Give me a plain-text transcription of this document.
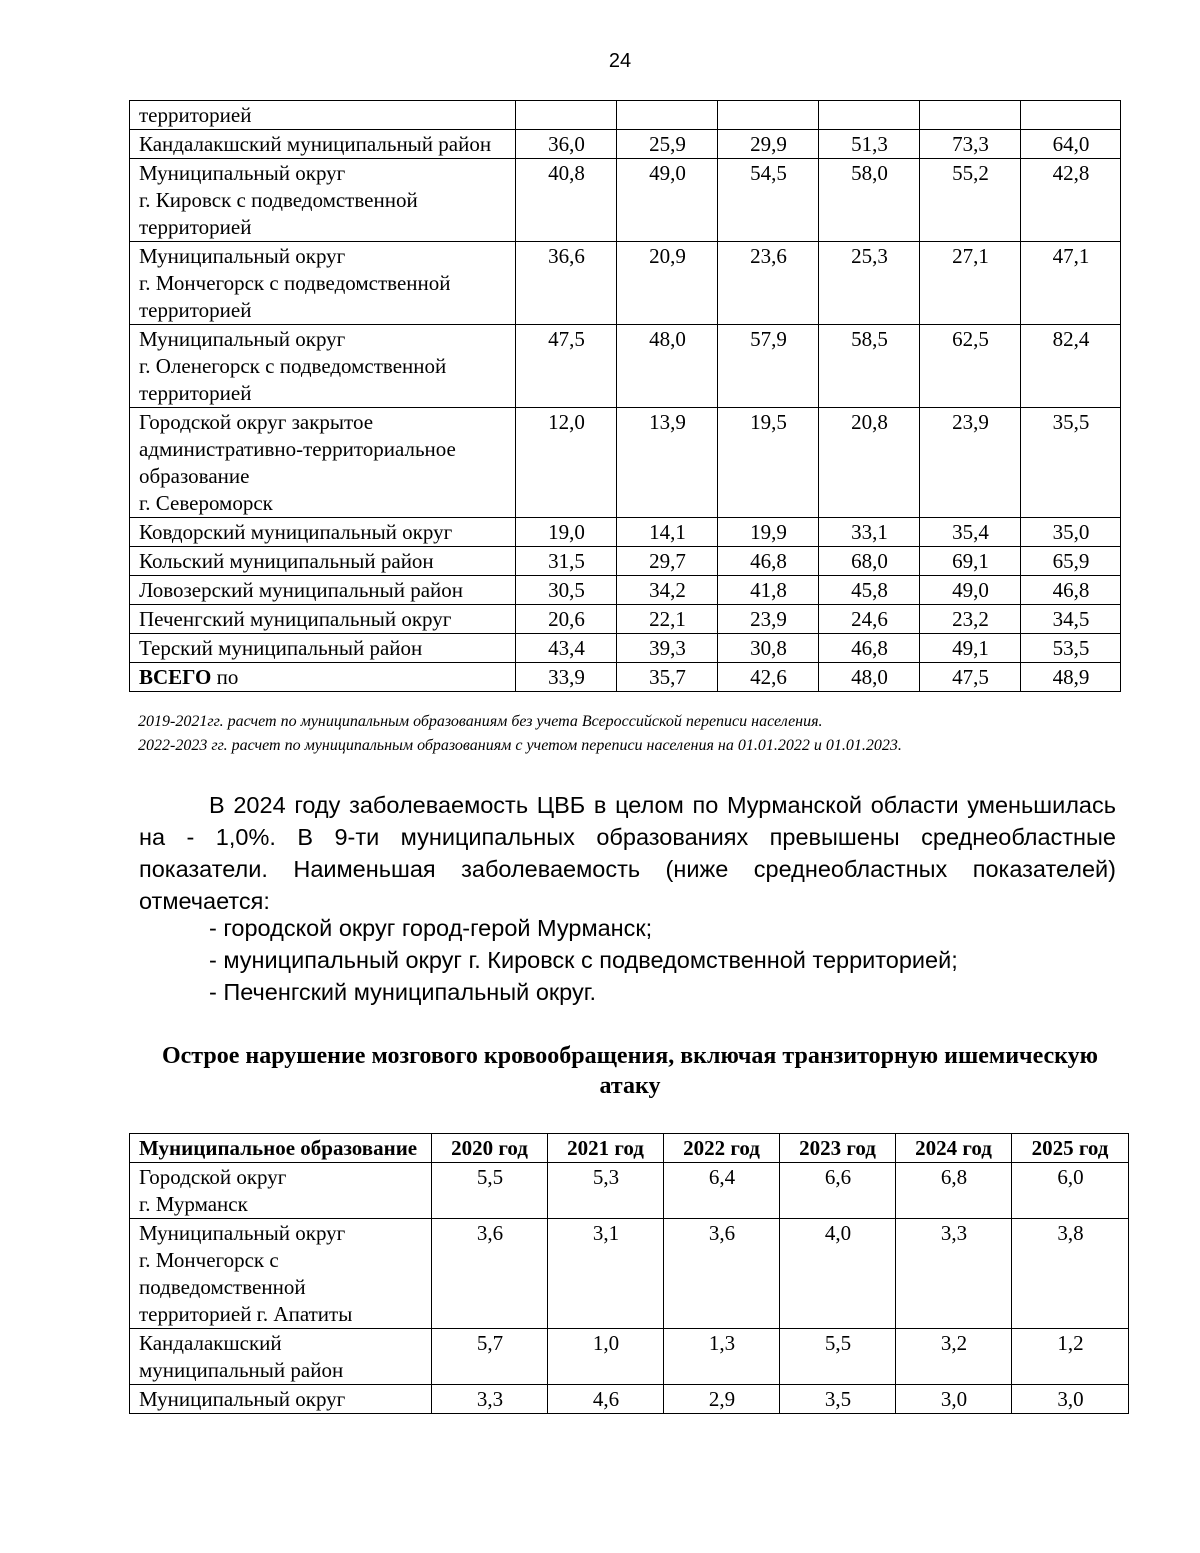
24
территорией						
Кандалакшский муниципальный район	36,0	25,9	29,9	51,3	73,3	64,0
Муниципальный округ
г. Кировск с подведомственной территорией	40,8	49,0	54,5	58,0	55,2	42,8
Муниципальный округ
г. Мончегорск с подведомственной территорией	36,6	20,9	23,6	25,3	27,1	47,1
Муниципальный округ
г. Оленегорск с подведомственной территорией	47,5	48,0	57,9	58,5	62,5	82,4
Городской округ закрытое административно-территориальное образование
г. Североморск	12,0	13,9	19,5	20,8	23,9	35,5
Ковдорский муниципальный округ	19,0	14,1	19,9	33,1	35,4	35,0
Кольский муниципальный район	31,5	29,7	46,8	68,0	69,1	65,9
Ловозерский муниципальный район	30,5	34,2	41,8	45,8	49,0	46,8
Печенгский муниципальный округ	20,6	22,1	23,9	24,6	23,2	34,5
Терский муниципальный район	43,4	39,3	30,8	46,8	49,1	53,5
ВСЕГО по	33,9	35,7	42,6	48,0	47,5	48,9
2019-2021гг. расчет по муниципальным образованиям без учета Всероссийской переписи населения.
2022-2023 гг. расчет по муниципальным образованиям с учетом переписи населения на 01.01.2022 и 01.01.2023.

В 2024 году заболеваемость ЦВБ в целом по Мурманской области уменьшилась на - 1,0%. В 9-ти муниципальных образованиях превышены среднеобластные показатели. Наименьшая заболеваемость (ниже среднеобластных показателей) отмечается:

- городской округ город-герой Мурманск;
- муниципальный округ г. Кировск с подведомственной территорией;
- Печенгский муниципальный округ.
Острое нарушение мозгового кровообращения, включая транзиторную ишемическую атаку
Муниципальное образование	2020 год	2021 год	2022 год	2023 год	2024 год	2025 год
Городской округ
г. Мурманск	5,5	5,3	6,4	6,6	6,8	6,0
Муниципальный округ
г. Мончегорск с
подведомственной
территорией г. Апатиты	3,6	3,1	3,6	4,0	3,3	3,8
Кандалакшский
муниципальный район	5,7	1,0	1,3	5,5	3,2	1,2
Муниципальный округ	3,3	4,6	2,9	3,5	3,0	3,0
